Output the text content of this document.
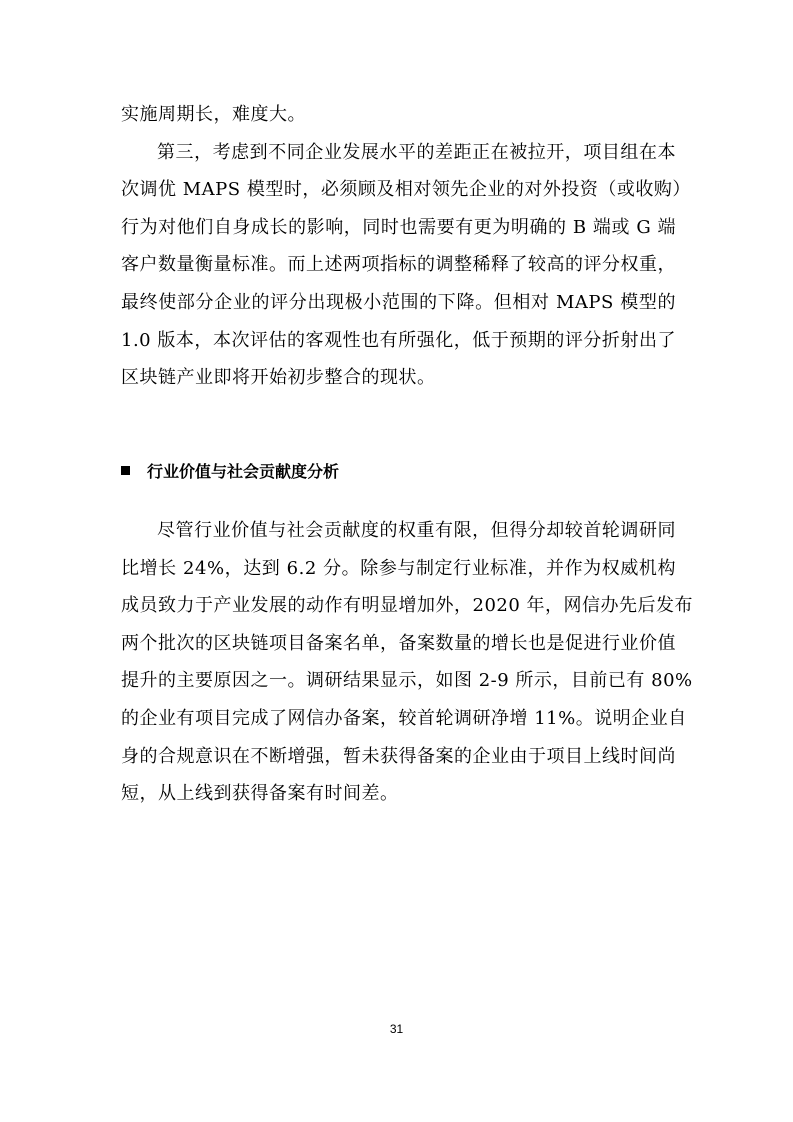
实施周期长，难度大。
第三，考虑到不同企业发展水平的差距正在被拉开，项目组在本
次调优 MAPS 模型时，必须顾及相对领先企业的对外投资（或收购）
行为对他们自身成长的影响，同时也需要有更为明确的 B 端或 G 端
客户数量衡量标准。而上述两项指标的调整稀释了较高的评分权重，
最终使部分企业的评分出现极小范围的下降。但相对 MAPS 模型的
1.0 版本，本次评估的客观性也有所强化，低于预期的评分折射出了
区块链产业即将开始初步整合的现状。
行业价值与社会贡献度分析
尽管行业价值与社会贡献度的权重有限，但得分却较首轮调研同
比增长 24%，达到 6.2 分。除参与制定行业标准，并作为权威机构
成员致力于产业发展的动作有明显增加外，2020 年，网信办先后发布
两个批次的区块链项目备案名单，备案数量的增长也是促进行业价值
提升的主要原因之一。调研结果显示，如图 2-9 所示，目前已有 80%
的企业有项目完成了网信办备案，较首轮调研净增 11%。说明企业自
身的合规意识在不断增强，暂未获得备案的企业由于项目上线时间尚
短，从上线到获得备案有时间差。
31
